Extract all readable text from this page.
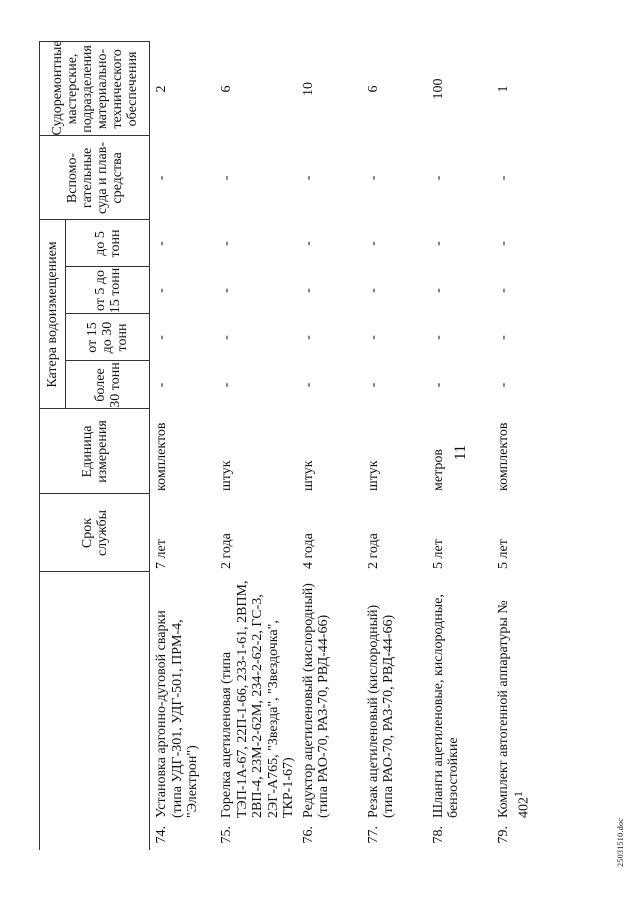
11
		Срок службы	Единица измерения	Катера водоизмещением				Вспомо-гательные суда и плав-средства	Судоремонтные мастерские, подразделения материально-технического обеспечения
				более 30 тонн	от 15 до 30 тонн	от 5 до 15 тонн	до 5 тонн		
74.	Установка аргонно-дуговой сварки (типа УДГ-301, УДГ-501, ПРМ-4, "Электрон")	7 лет	комплектов	-	-	-	-	-	2
75.	Горелка ацетиленовая (типа ТЭП-1А-67, 22П-1-66, 233-1-61, 2ВПМ, 2ВП-4, 23М-2-62М, 234-2-62-2, ГС-3, 2ЭГ-А765, "Звезда", "Звездочка", ТКР-1-67)	2 года	штук	-	-	-	-	-	6
76.	Редуктор ацетиленовый (кислородный) (типа РАО-70, РАЗ-70, РВД-44-66)	4 года	штук	-	-	-	-	-	10
77.	Резак ацетиленовый (кислородный) (типа РАО-70, РАЗ-70, РВД-44-66)	2 года	штук	-	-	-	-	-	6
78.	Шланги ацетиленовые, кислородные, бензостойкие	5 лет	метров	-	-	-	-	-	100
79.	Комплект автогенной аппаратуры № $402^1$	5 лет	комплектов	-	-	-	-	-	1
25031510.doc
